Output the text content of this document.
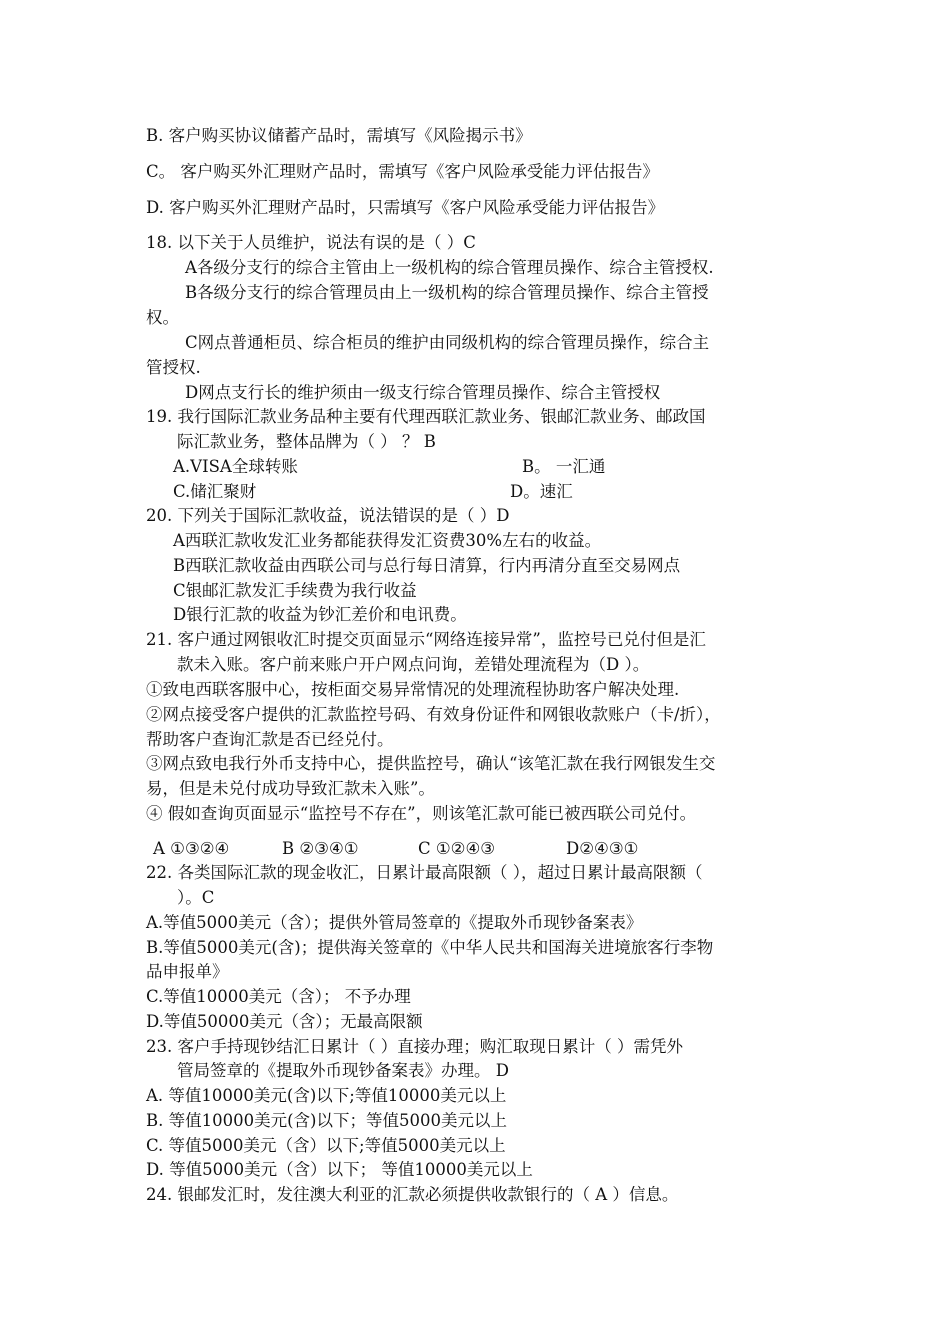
B. 客户购买协议储蓄产品时，需填写《风险揭示书》
C。 客户购买外汇理财产品时，需填写《客户风险承受能力评估报告》
D. 客户购买外汇理财产品时，只需填写《客户风险承受能力评估报告》
18. 以下关于人员维护，说法有误的是（ ）C
A各级分支行的综合主管由上一级机构的综合管理员操作、综合主管授权.
B各级分支行的综合管理员由上一级机构的综合管理员操作、综合主管授
权。
C网点普通柜员、综合柜员的维护由同级机构的综合管理员操作，综合主
管授权.
D网点支行长的维护须由一级支行综合管理员操作、综合主管授权
19. 我行国际汇款业务品种主要有代理西联汇款业务、银邮汇款业务、邮政国
际汇款业务，整体品牌为（ ） ？ B
A.VISA全球转账	B。 一汇通
C.储汇聚财	D。速汇
20. 下列关于国际汇款收益，说法错误的是（ ）D
A西联汇款收发汇业务都能获得发汇资费30%左右的收益。
B西联汇款收益由西联公司与总行每日清算，行内再清分直至交易网点
C银邮汇款发汇手续费为我行收益
D银行汇款的收益为钞汇差价和电讯费。
21. 客户通过网银收汇时提交页面显示“网络连接异常”，监控号已兑付但是汇
款未入账。客户前来账户开户网点问询，差错处理流程为（D ）。
①致电西联客服中心，按柜面交易异常情况的处理流程协助客户解决处理.
②网点接受客户提供的汇款监控号码、有效身份证件和网银收款账户（卡/折），
帮助客户查询汇款是否已经兑付。
③网点致电我行外币支持中心，提供监控号，确认“该笔汇款在我行网银发生交
易，但是未兑付成功导致汇款未入账”。
④ 假如查询页面显示“监控号不存在”，则该笔汇款可能已被西联公司兑付。
A ①③②④	B ②③④①	C ①②④③	D②④③①
22. 各类国际汇款的现金收汇，日累计最高限额（ ），超过日累计最高限额（
）。C
A.等值5000美元（含）；提供外管局签章的《提取外币现钞备案表》
B.等值5000美元(含)；提供海关签章的《中华人民共和国海关进境旅客行李物
品申报单》
C.等值10000美元（含）； 不予办理
D.等值50000美元（含）；无最高限额
23. 客户手持现钞结汇日累计（ ）直接办理；购汇取现日累计（ ）需凭外
管局签章的《提取外币现钞备案表》办理。 D
A. 等值10000美元(含)以下;等值10000美元以上
B. 等值10000美元(含)以下；等值5000美元以上
C. 等值5000美元（含）以下;等值5000美元以上
D. 等值5000美元（含）以下； 等值10000美元以上
24. 银邮发汇时，发往澳大利亚的汇款必须提供收款银行的（ A ）信息。
